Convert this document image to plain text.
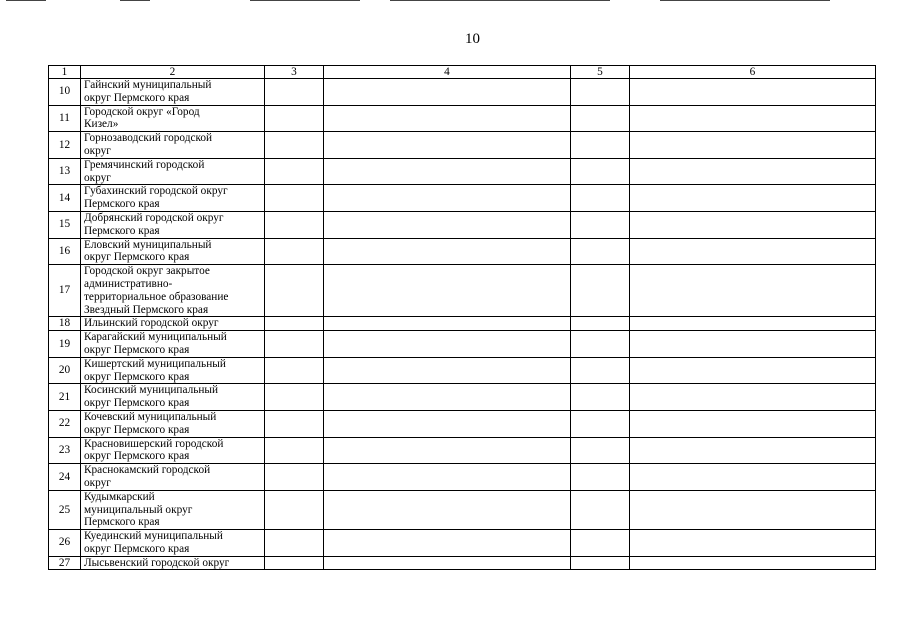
10
1	2	3	4	5	6
10	Гайнский муниципальный
округ Пермского края				

11	Городской округ «Город
Кизел»				

12	Горнозаводский городской
округ				

13	Гремячинский городской
округ				

14	Губахинский городской округ
Пермского края				

15	Добрянский городской округ
Пермского края				

16	Еловский муниципальный
округ Пермского края				

17	Городской округ закрытое
административно-
территориальное образование
Звездный Пермского края				

18	Ильинский городской округ				

19	Карагайский муниципальный
округ Пермского края				

20	Кишертский муниципальный
округ Пермского края				

21	Косинский муниципальный
округ Пермского края				

22	Кочевский муниципальный
округ Пермского края				

23	Красновишерский городской
округ Пермского края				

24	Краснокамский городской
округ				

25	Кудымкарский
муниципальный округ
Пермского края				

26	Куединский муниципальный
округ Пермского края				

27	Лысьвенский городской округ				
